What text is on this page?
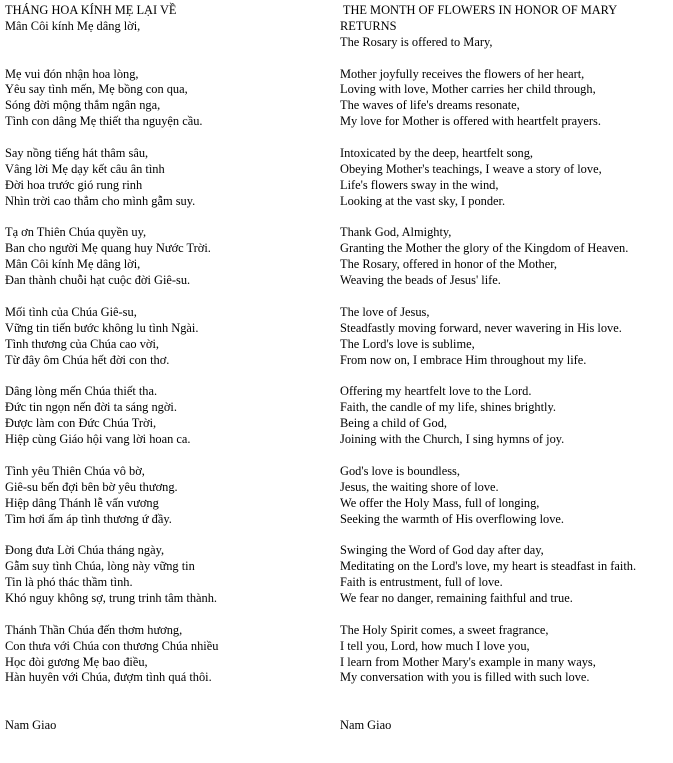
THÁNG HOA KÍNH MẸ LẠI VỀ
Mân Côi kính Mẹ dâng lời,
Mẹ vui đón nhận hoa lòng,
Yêu say tình mến, Mẹ bồng con qua,
Sóng đời mộng thắm ngân nga,
Tình con dâng Mẹ thiết tha nguyện cầu.
Say nồng tiếng hát thâm sâu,
Vâng lời Mẹ dạy kết câu ân tình
Đời hoa trước gió rung rinh
Nhìn trời cao thẳm cho mình gẫm suy.
Tạ ơn Thiên Chúa quyền uy,
Ban cho người Mẹ quang huy Nước Trời.
Mân Côi kính Mẹ dâng lời,
Đan thành chuỗi hạt cuộc đời Giê-su.
Mối tình của Chúa Giê-su,
Vững tin tiến bước không lu tình Ngài.
Tình thương của Chúa cao vời,
Từ đây ôm Chúa hết đời con thơ.
Dâng lòng mến Chúa thiết tha.
Đức tin ngọn nến đời ta sáng ngời.
Được làm con Đức Chúa Trời,
Hiệp cùng Giáo hội vang lời hoan ca.
Tình yêu Thiên Chúa vô bờ,
Giê-su bến đợi bên bờ yêu thương.
Hiệp dâng Thánh lễ vấn vương
Tìm hơi ấm áp tình thương ứ đầy.
Đong đưa Lời Chúa tháng ngày,
Gẫm suy tình Chúa, lòng này vững tin
Tin là phó thác thầm tình.
Khó nguy không sợ, trung trinh tâm thành.
Thánh Thần Chúa đến thơm hương,
Con thưa với Chúa con thương Chúa nhiều
Học đòi gương Mẹ bao điều,
Hàn huyên với Chúa, đượm tình quá thôi.
Nam Giao
THE MONTH OF FLOWERS IN HONOR OF MARY
RETURNS
The Rosary is offered to Mary,
Mother joyfully receives the flowers of her heart,
Loving with love, Mother carries her child through,
The waves of life's dreams resonate,
My love for Mother is offered with heartfelt prayers.
Intoxicated by the deep, heartfelt song,
Obeying Mother's teachings, I weave a story of love,
Life's flowers sway in the wind,
Looking at the vast sky, I ponder.
Thank God, Almighty,
Granting the Mother the glory of the Kingdom of Heaven.
The Rosary, offered in honor of the Mother,
Weaving the beads of Jesus' life.
The love of Jesus,
Steadfastly moving forward, never wavering in His love.
The Lord's love is sublime,
From now on, I embrace Him throughout my life.
Offering my heartfelt love to the Lord.
Faith, the candle of my life, shines brightly.
Being a child of God,
Joining with the Church, I sing hymns of joy.
God's love is boundless,
Jesus, the waiting shore of love.
We offer the Holy Mass, full of longing,
Seeking the warmth of His overflowing love.
Swinging the Word of God day after day,
Meditating on the Lord's love, my heart is steadfast in faith.
Faith is entrustment, full of love.
We fear no danger, remaining faithful and true.
The Holy Spirit comes, a sweet fragrance,
I tell you, Lord, how much I love you,
I learn from Mother Mary's example in many ways,
My conversation with you is filled with such love.
Nam Giao
